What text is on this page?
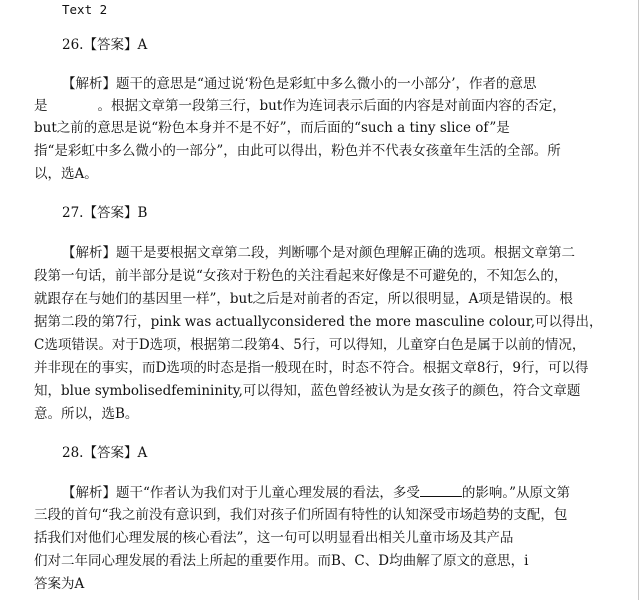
Text 2
26.【答案】A
【解析】题干的意思是“通过说‘粉色是彩虹中多么微小的一小部分’，作者的意思
是	。根据文章第一段第三行，but作为连词表示后面的内容是对前面内容的否定，
but之前的意思是说“粉色本身并不是不好”，而后面的“such a tiny slice of”是
指“是彩虹中多么微小的一部分”，由此可以得出，粉色并不代表女孩童年生活的全部。所
以，选A。
27.【答案】B
【解析】题干是要根据文章第二段，判断哪个是对颜色理解正确的选项。根据文章第二
段第一句话，前半部分是说“女孩对于粉色的关注看起来好像是不可避免的，不知怎么的，
就跟存在与她们的基因里一样”，but之后是对前者的否定，所以很明显，A项是错误的。根
据第二段的第7行，pink was actuallyconsidered the more masculine colour,可以得出，
C选项错误。对于D选项，根据第二段第4、5行，可以得知，儿童穿白色是属于以前的情况，
并非现在的事实，而D选项的时态是指一般现在时，时态不符合。根据文章8行，9行，可以得
知，blue symbolisedfemininity,可以得知，蓝色曾经被认为是女孩子的颜色，符合文章题
意。所以，选B。
28.【答案】A
【解析】题干“作者认为我们对于儿童心理发展的看法，多受	的影响。”从原文第
三段的首句“我之前没有意识到，我们对孩子们所固有特性的认知深受市场趋势的支配，包
括我们对他们心理发展的核心看法”，这一句可以明显看出相关儿童市场及其产品
们对二年同心理发展的看法上所起的重要作用。而B、C、D均曲解了原文的意思，i
答案为A
